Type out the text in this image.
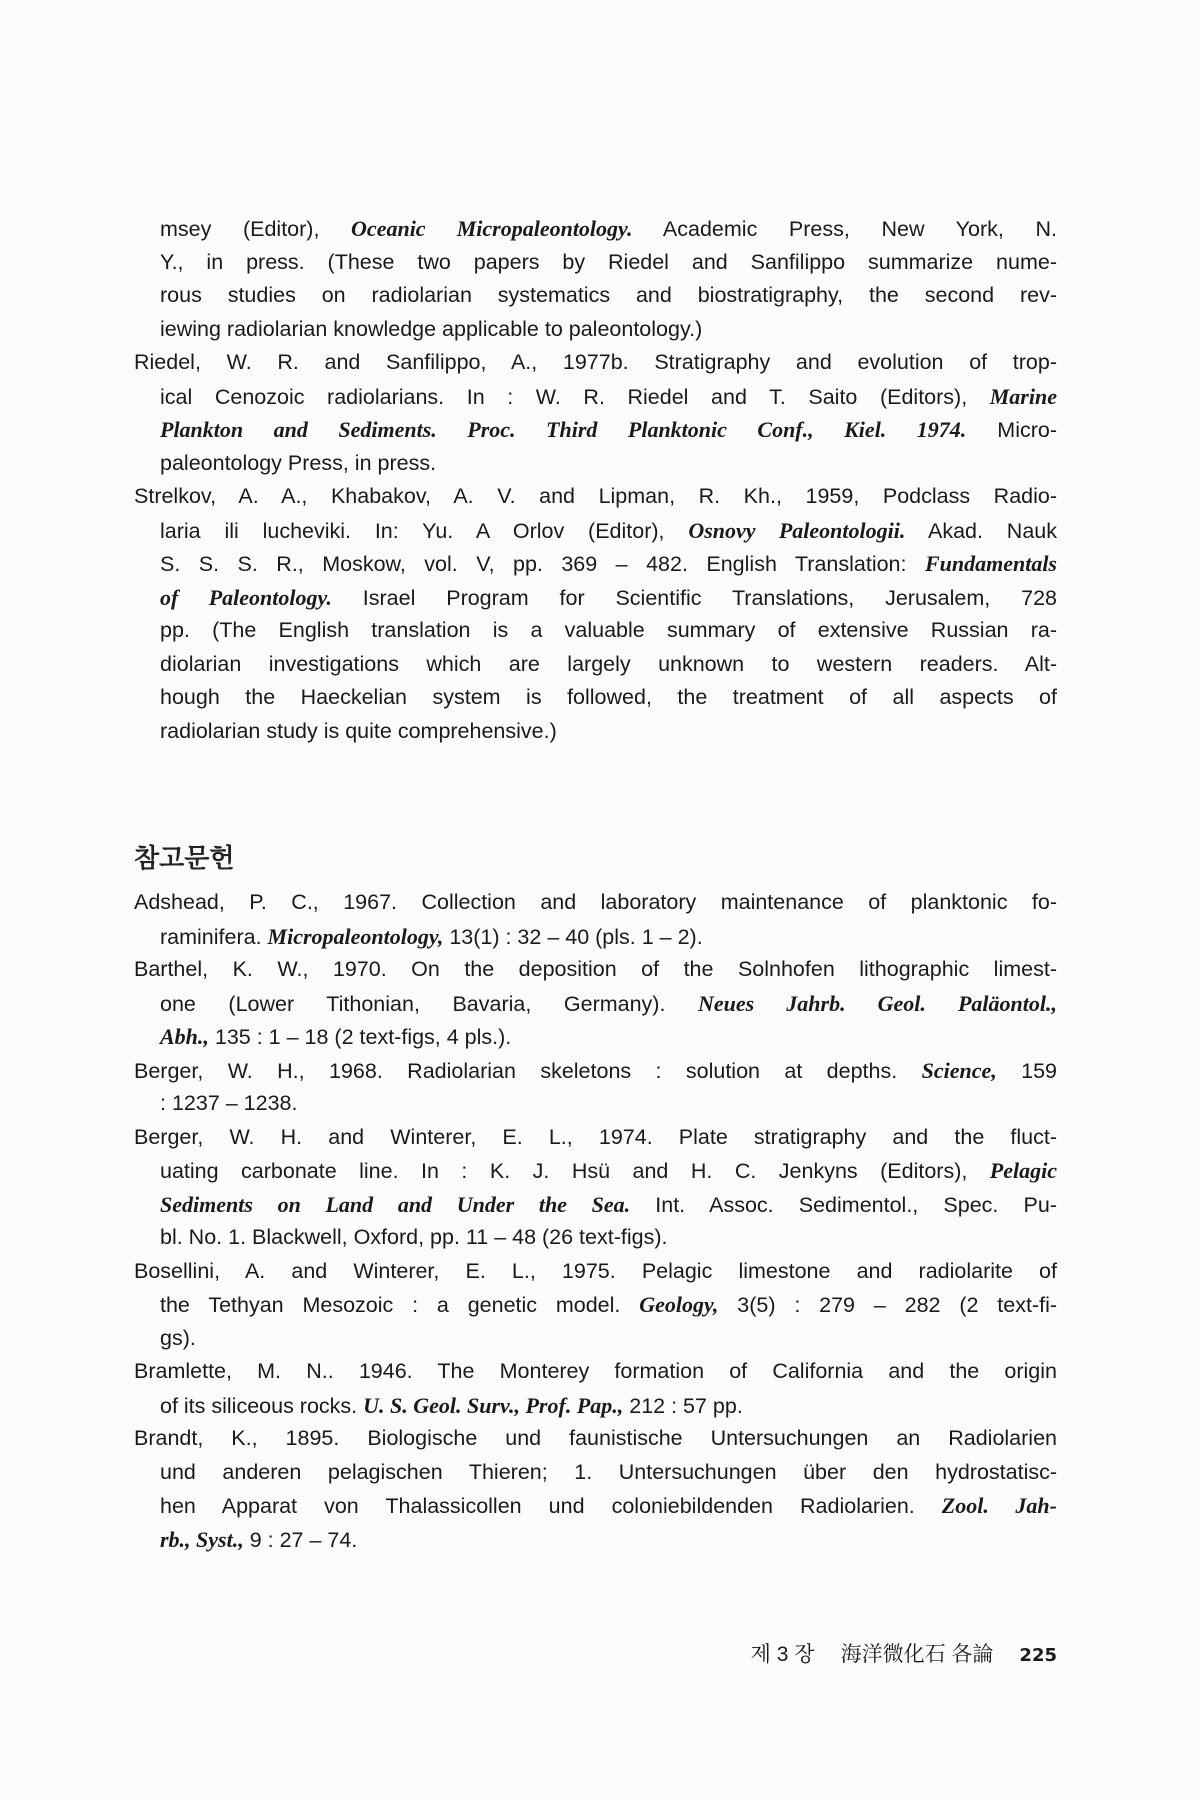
msey (Editor), Oceanic Micropaleontology. Academic Press, New York, N.
Y., in press. (These two papers by Riedel and Sanfilippo summarize nume-
rous studies on radiolarian systematics and biostratigraphy, the second rev-
iewing radiolarian knowledge applicable to paleontology.)
Riedel, W. R. and Sanfilippo, A., 1977b. Stratigraphy and evolution of trop-
ical Cenozoic radiolarians. In : W. R. Riedel and T. Saito (Editors), Marine
Plankton and Sediments. Proc. Third Planktonic Conf., Kiel. 1974. Micro-
paleontology Press, in press.
Strelkov, A. A., Khabakov, A. V. and Lipman, R. Kh., 1959, Podclass Radio-
laria ili lucheviki. In: Yu. A Orlov (Editor), Osnovy Paleontologii. Akad. Nauk
S. S. S. R., Moskow, vol. V, pp. 369 – 482. English Translation: Fundamentals
of Paleontology. Israel Program for Scientific Translations, Jerusalem, 728
pp. (The English translation is a valuable summary of extensive Russian ra-
diolarian investigations which are largely unknown to western readers. Alt-
hough the Haeckelian system is followed, the treatment of all aspects of
radiolarian study is quite comprehensive.)
참고문헌
Adshead, P. C., 1967. Collection and laboratory maintenance of planktonic fo-
raminifera. Micropaleontology, 13(1) : 32 – 40 (pls. 1 – 2).
Barthel, K. W., 1970. On the deposition of the Solnhofen lithographic limest-
one (Lower Tithonian, Bavaria, Germany). Neues Jahrb. Geol. Paläontol.,
Abh., 135 : 1 – 18 (2 text-figs, 4 pls.).
Berger, W. H., 1968. Radiolarian skeletons : solution at depths. Science, 159
: 1237 – 1238.
Berger, W. H. and Winterer, E. L., 1974. Plate stratigraphy and the fluct-
uating carbonate line. In : K. J. Hsü and H. C. Jenkyns (Editors), Pelagic
Sediments on Land and Under the Sea. Int. Assoc. Sedimentol., Spec. Pu-
bl. No. 1. Blackwell, Oxford, pp. 11 – 48 (26 text-figs).
Bosellini, A. and Winterer, E. L., 1975. Pelagic limestone and radiolarite of
the Tethyan Mesozoic : a genetic model. Geology, 3(5) : 279 – 282 (2 text-fi-
gs).
Bramlette, M. N.. 1946. The Monterey formation of California and the origin
of its siliceous rocks. U. S. Geol. Surv., Prof. Pap., 212 : 57 pp.
Brandt, K., 1895. Biologische und faunistische Untersuchungen an Radiolarien
und anderen pelagischen Thieren; 1. Untersuchungen über den hydrostatisc-
hen Apparat von Thalassicollen und coloniebildenden Radiolarien. Zool. Jah-
rb., Syst., 9 : 27 – 74.
제 3 장 海洋微化石 各論 225
